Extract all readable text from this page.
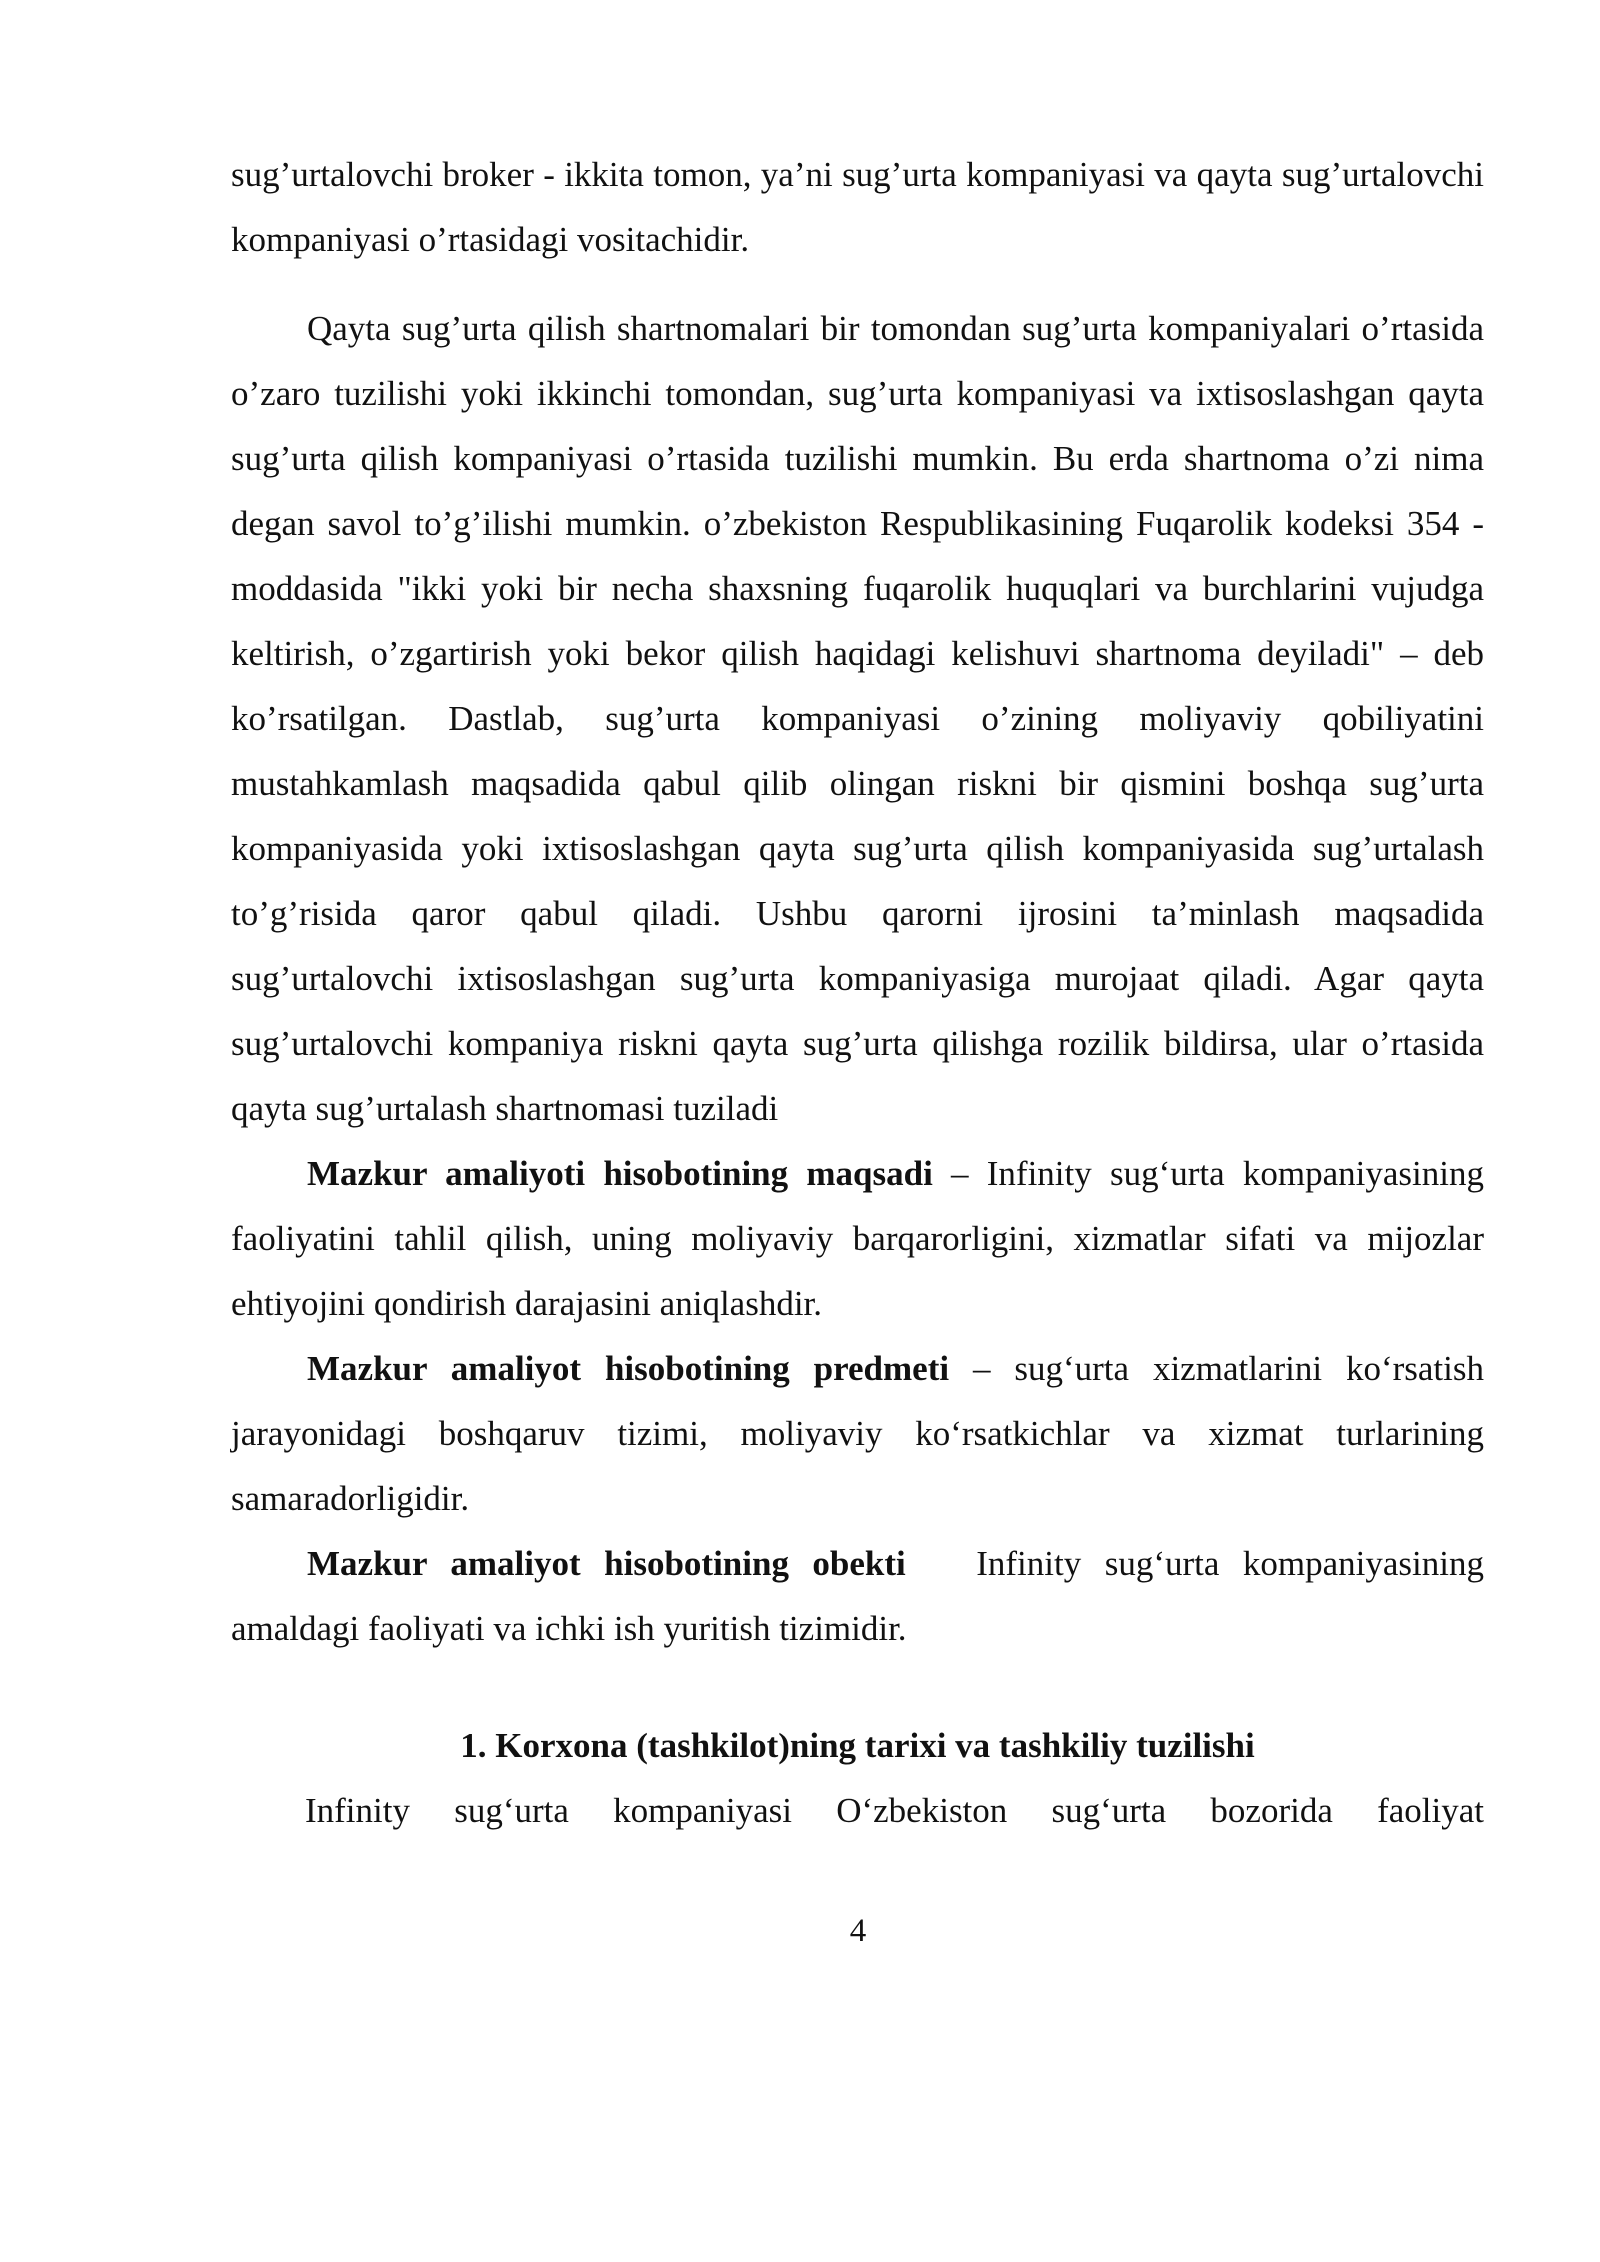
sug’urtalovchi broker - ikkita tomon, ya’ni sug’urta kompaniyasi va qayta sug’urtalovchi kompaniyasi o’rtasidagi vositachidir.

Qayta sug’urta qilish shartnomalari bir tomondan sug’urta kompaniyalari o’rtasida o’zaro tuzilishi yoki ikkinchi tomondan, sug’urta kompaniyasi va ixtisoslashgan qayta sug’urta qilish kompaniyasi o’rtasida tuzilishi mumkin. Bu erda shartnoma o’zi nima degan savol to’g’ilishi mumkin. o’zbekiston Respublikasining Fuqarolik kodeksi 354 - moddasida "ikki yoki bir necha shaxsning fuqarolik huquqlari va burchlarini vujudga keltirish, o’zgartirish yoki bekor qilish haqidagi kelishuvi shartnoma deyiladi" – deb ko’rsatilgan. Dastlab, sug’urta kompaniyasi o’zining moliyaviy qobiliyatini mustahkamlash maqsadida qabul qilib olingan riskni bir qismini boshqa sug’urta kompaniyasida yoki ixtisoslashgan qayta sug’urta qilish kompaniyasida sug’urtalash to’g’risida qaror qabul qiladi. Ushbu qarorni ijrosini ta’minlash maqsadida sug’urtalovchi ixtisoslashgan sug’urta kompaniyasiga murojaat qiladi. Agar qayta sug’urtalovchi kompaniya riskni qayta sug’urta qilishga rozilik bildirsa, ular o’rtasida qayta sug’urtalash shartnomasi tuziladi

Mazkur amaliyoti hisobotining maqsadi – Infinity sug‘urta kompaniyasining faoliyatini tahlil qilish, uning moliyaviy barqarorligini, xizmatlar sifati va mijozlar ehtiyojini qondirish darajasini aniqlashdir.

Mazkur amaliyot hisobotining predmeti – sug‘urta xizmatlarini ko‘rsatish jarayonidagi boshqaruv tizimi, moliyaviy ko‘rsatkichlar va xizmat turlarining samaradorligidir.

Mazkur amaliyot hisobotining obekti   Infinity sug‘urta kompaniyasining amaldagi faoliyati va ichki ish yuritish tizimidir.

1. Korxona (tashkilot)ning tarixi va tashkiliy tuzilishi

Infinity sug‘urta kompaniyasi O‘zbekiston sug‘urta bozorida faoliyat

4
